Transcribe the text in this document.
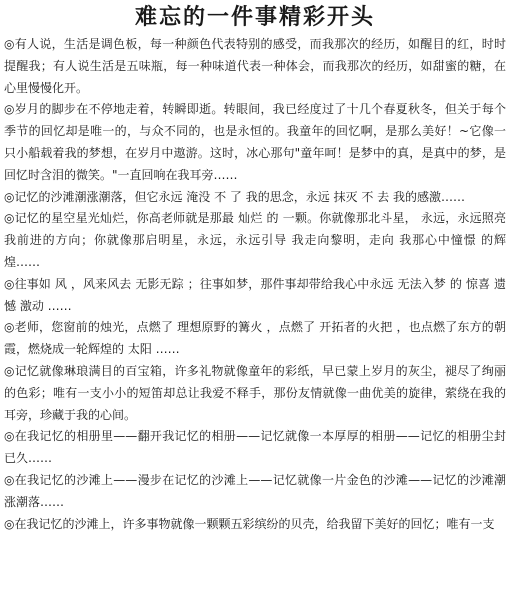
难忘的一件事精彩开头

◎有人说，生活是调色板，每一种颜色代表特别的感受，而我那次的经历，如醒目的红，时时提醒我；有人说生活是五味瓶，每一种味道代表一种体会，而我那次的经历，如甜蜜的糖，在心里慢慢化开。

◎岁月的脚步在不停地走着，转瞬即逝。转眼间，我已经度过了十几个春夏秋冬，但关于每个季节的回忆却是唯一的，与众不同的，也是永恒的。我童年的回忆啊，是那么美好！~它像一只小船载着我的梦想，在岁月中遨游。这时，冰心那句"童年呵！是梦中的真，是真中的梦，是回忆时含泪的微笑。"一直回响在我耳旁……

◎记忆的沙滩潮涨潮落，但它永远 淹没 不 了 我的思念，永远 抹灭 不 去 我的感激……

◎记忆的星空星光灿烂，你高老师就是那最 灿烂 的 一颗。你就像那北斗星， 永远，永远照亮 我前进的方向；你就像那启明星，永远，永远引导 我走向黎明，走向 我那心中憧憬 的辉煌……

◎往事如 风 ，风来风去 无影无踪 ；往事如梦，那件事却带给我心中永远 无法入梦 的 惊喜 遗憾 激动 ……

◎老师，您窗前的烛光，点燃了 理想原野的篝火 ，点燃了 开拓者的火把 ，也点燃了东方的朝霞，燃烧成一轮辉煌的 太阳 ……

◎记忆就像琳琅满目的百宝箱，许多礼物就像童年的彩纸，早已蒙上岁月的灰尘，褪尽了绚丽的色彩；唯有一支小小的短笛却总让我爱不释手，那份友情就像一曲优美的旋律，萦绕在我的耳旁，珍藏于我的心间。

◎在我记忆的相册里——翻开我记忆的相册——记忆就像一本厚厚的相册——记忆的相册尘封已久……

◎在我记忆的沙滩上——漫步在记忆的沙滩上——记忆就像一片金色的沙滩——记忆的沙滩潮涨潮落……

◎在我记忆的沙滩上，许多事物就像一颗颗五彩缤纷的贝壳，给我留下美好的回忆；唯有一支
